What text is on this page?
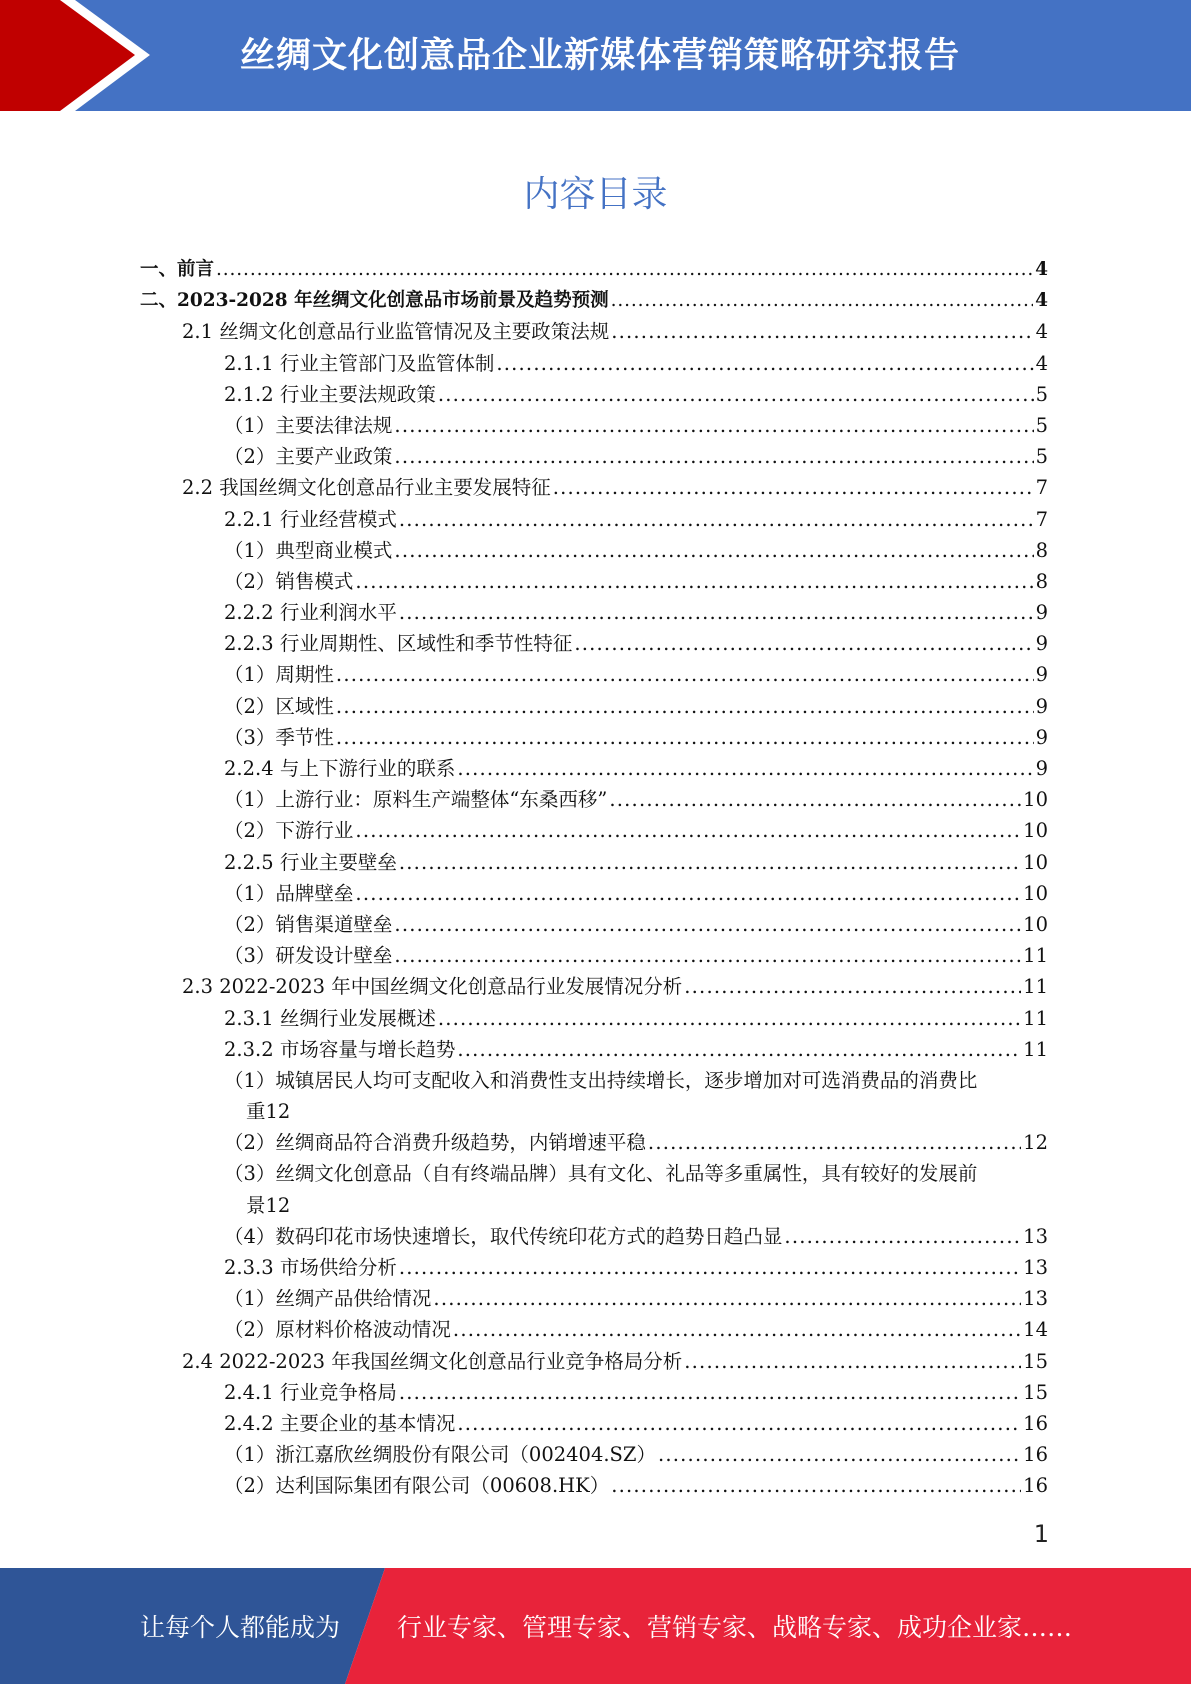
丝绸文化创意品企业新媒体营销策略研究报告
内容目录
一、前言 . . .	4
二、2023-2028 年丝绸文化创意品市场前景及趋势预测 . . .	4
2.1 丝绸文化创意品行业监管情况及主要政策法规 . . .	4
2.1.1 行业主管部门及监管体制 . . .	4
2.1.2 行业主要法规政策 . . .	5
（1）主要法律法规 . . .	5
（2）主要产业政策 . . .	5
2.2 我国丝绸文化创意品行业主要发展特征 . . .	7
2.2.1 行业经营模式 . . .	7
（1）典型商业模式 . . .	8
（2）销售模式 . . .	8
2.2.2 行业利润水平 . . .	9
2.2.3 行业周期性、区域性和季节性特征 . . .	9
（1）周期性 . . .	9
（2）区域性 . . .	9
（3）季节性 . . .	9
2.2.4 与上下游行业的联系 . . .	9
（1）上游行业：原料生产端整体“东桑西移” . . .	10
（2）下游行业 . . .	10
2.2.5 行业主要壁垒 . . .	10
（1）品牌壁垒 . . .	10
（2）销售渠道壁垒 . . .	10
（3）研发设计壁垒 . . .	11
2.3 2022-2023 年中国丝绸文化创意品行业发展情况分析 . . .	11
2.3.1 丝绸行业发展概述 . . .	11
2.3.2 市场容量与增长趋势 . . .	11
（1）城镇居民人均可支配收入和消费性支出持续增长，逐步增加对可选消费品的消费比
重 12
（2）丝绸商品符合消费升级趋势，内销增速平稳 . . .	12
（3）丝绸文化创意品（自有终端品牌）具有文化、礼品等多重属性，具有较好的发展前
景 12
（4）数码印花市场快速增长，取代传统印花方式的趋势日趋凸显 . . .	13
2.3.3 市场供给分析 . . .	13
（1）丝绸产品供给情况 . . .	13
（2）原材料价格波动情况 . . .	14
2.4 2022-2023 年我国丝绸文化创意品行业竞争格局分析 . . .	15
2.4.1 行业竞争格局 . . .	15
2.4.2 主要企业的基本情况 . . .	16
（1）浙江嘉欣丝绸股份有限公司（002404.SZ） . . .	16
（2）达利国际集团有限公司（00608.HK） . . .	16
1
让每个人都能成为 行业专家、管理专家、营销专家、战略专家、成功企业家……
